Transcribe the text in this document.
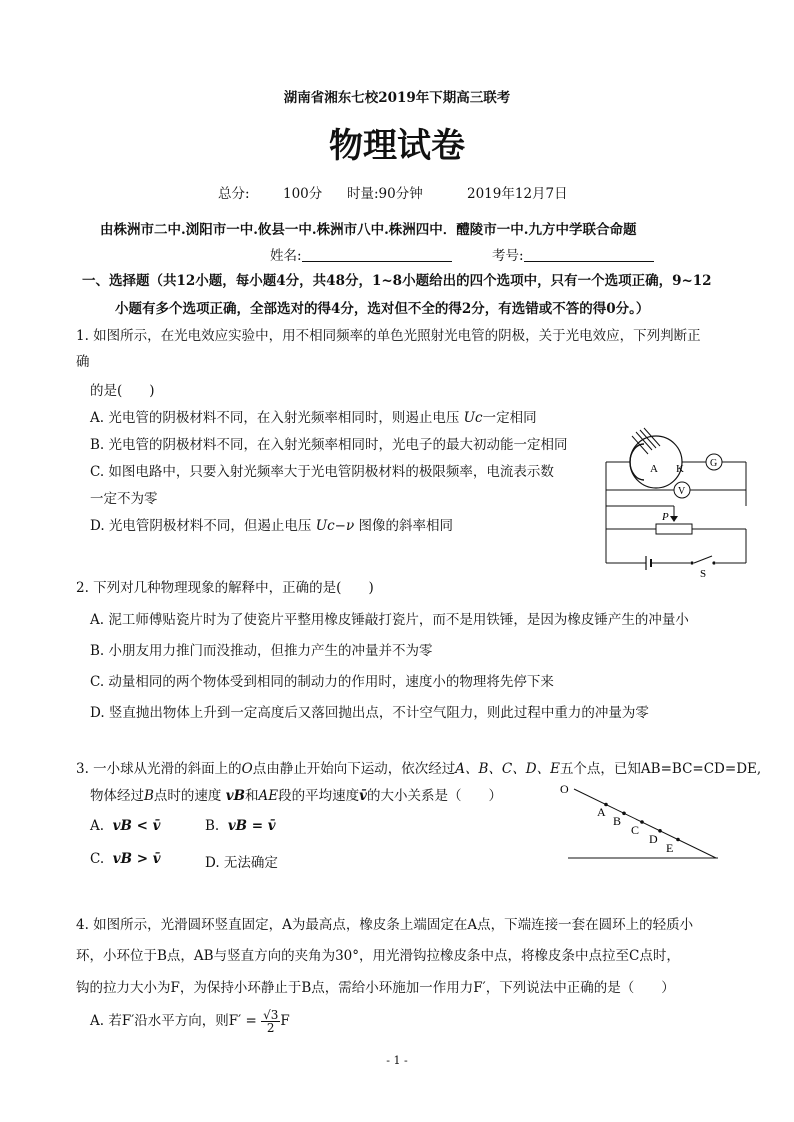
湖南省湘东七校2019年下期高三联考
物理试卷
总分: 100分 时量:90分钟	2019年12月7日
由株洲市二中.浏阳市一中.攸县一中.株洲市八中.株洲四中．醴陵市一中.九方中学联合命题
姓名:	考号:
一、选择题（共12小题，每小题4分，共48分，1~8小题给出的四个选项中，只有一个选项正确，9~12
小题有多个选项正确，全部选对的得4分，选对但不全的得2分，有选错或不答的得0分。）
1. 如图所示，在光电效应实验中，用不相同频率的单色光照射光电管的阴极，关于光电效应，下列判断正
确
的是(　　)
A. 光电管的阴极材料不同，在入射光频率相同时，则遏止电压 Uc一定相同
B. 光电管的阴极材料不同，在入射光频率相同时，光电子的最大初动能一定相同
C. 如图电路中，只要入射光频率大于光电管阴极材料的极限频率，电流表示数
一定不为零
D. 光电管阴极材料不同，但遏止电压 Uc−ν 图像的斜率相同
A K	G
V
P
S
2. 下列对几种物理现象的解释中，正确的是(　　)
A. 泥工师傅贴瓷片时为了使瓷片平整用橡皮锤敲打瓷片，而不是用铁锤，是因为橡皮锤产生的冲量小
B. 小朋友用力推门而没推动，但推力产生的冲量并不为零
C. 动量相同的两个物体受到相同的制动力的作用时，速度小的物理将先停下来
D. 竖直抛出物体上升到一定高度后又落回抛出点，不计空气阻力，则此过程中重力的冲量为零
3. 一小球从光滑的斜面上的O点由静止开始向下运动，依次经过A、B、C、D、E五个点，已知AB=BC=CD=DE,
物体经过B点时的速度 vB和AE段的平均速度v̄的大小关系是（　　）
A. vB < v̄	B. vB = v̄
C. vB > v̄	D. 无法确定
O
A
B
C
D
E
4. 如图所示，光滑圆环竖直固定，A为最高点，橡皮条上端固定在A点，下端连接一套在圆环上的轻质小
环，小环位于B点，AB与竖直方向的夹角为30°，用光滑钩拉橡皮条中点，将橡皮条中点拉至C点时，
钩的拉力大小为F，为保持小环静止于B点，需给小环施加一作用力F′，下列说法中正确的是（　　）
A. 若F′沿水平方向，则$F' = \frac{√3}{2}$ F
- 1 -
